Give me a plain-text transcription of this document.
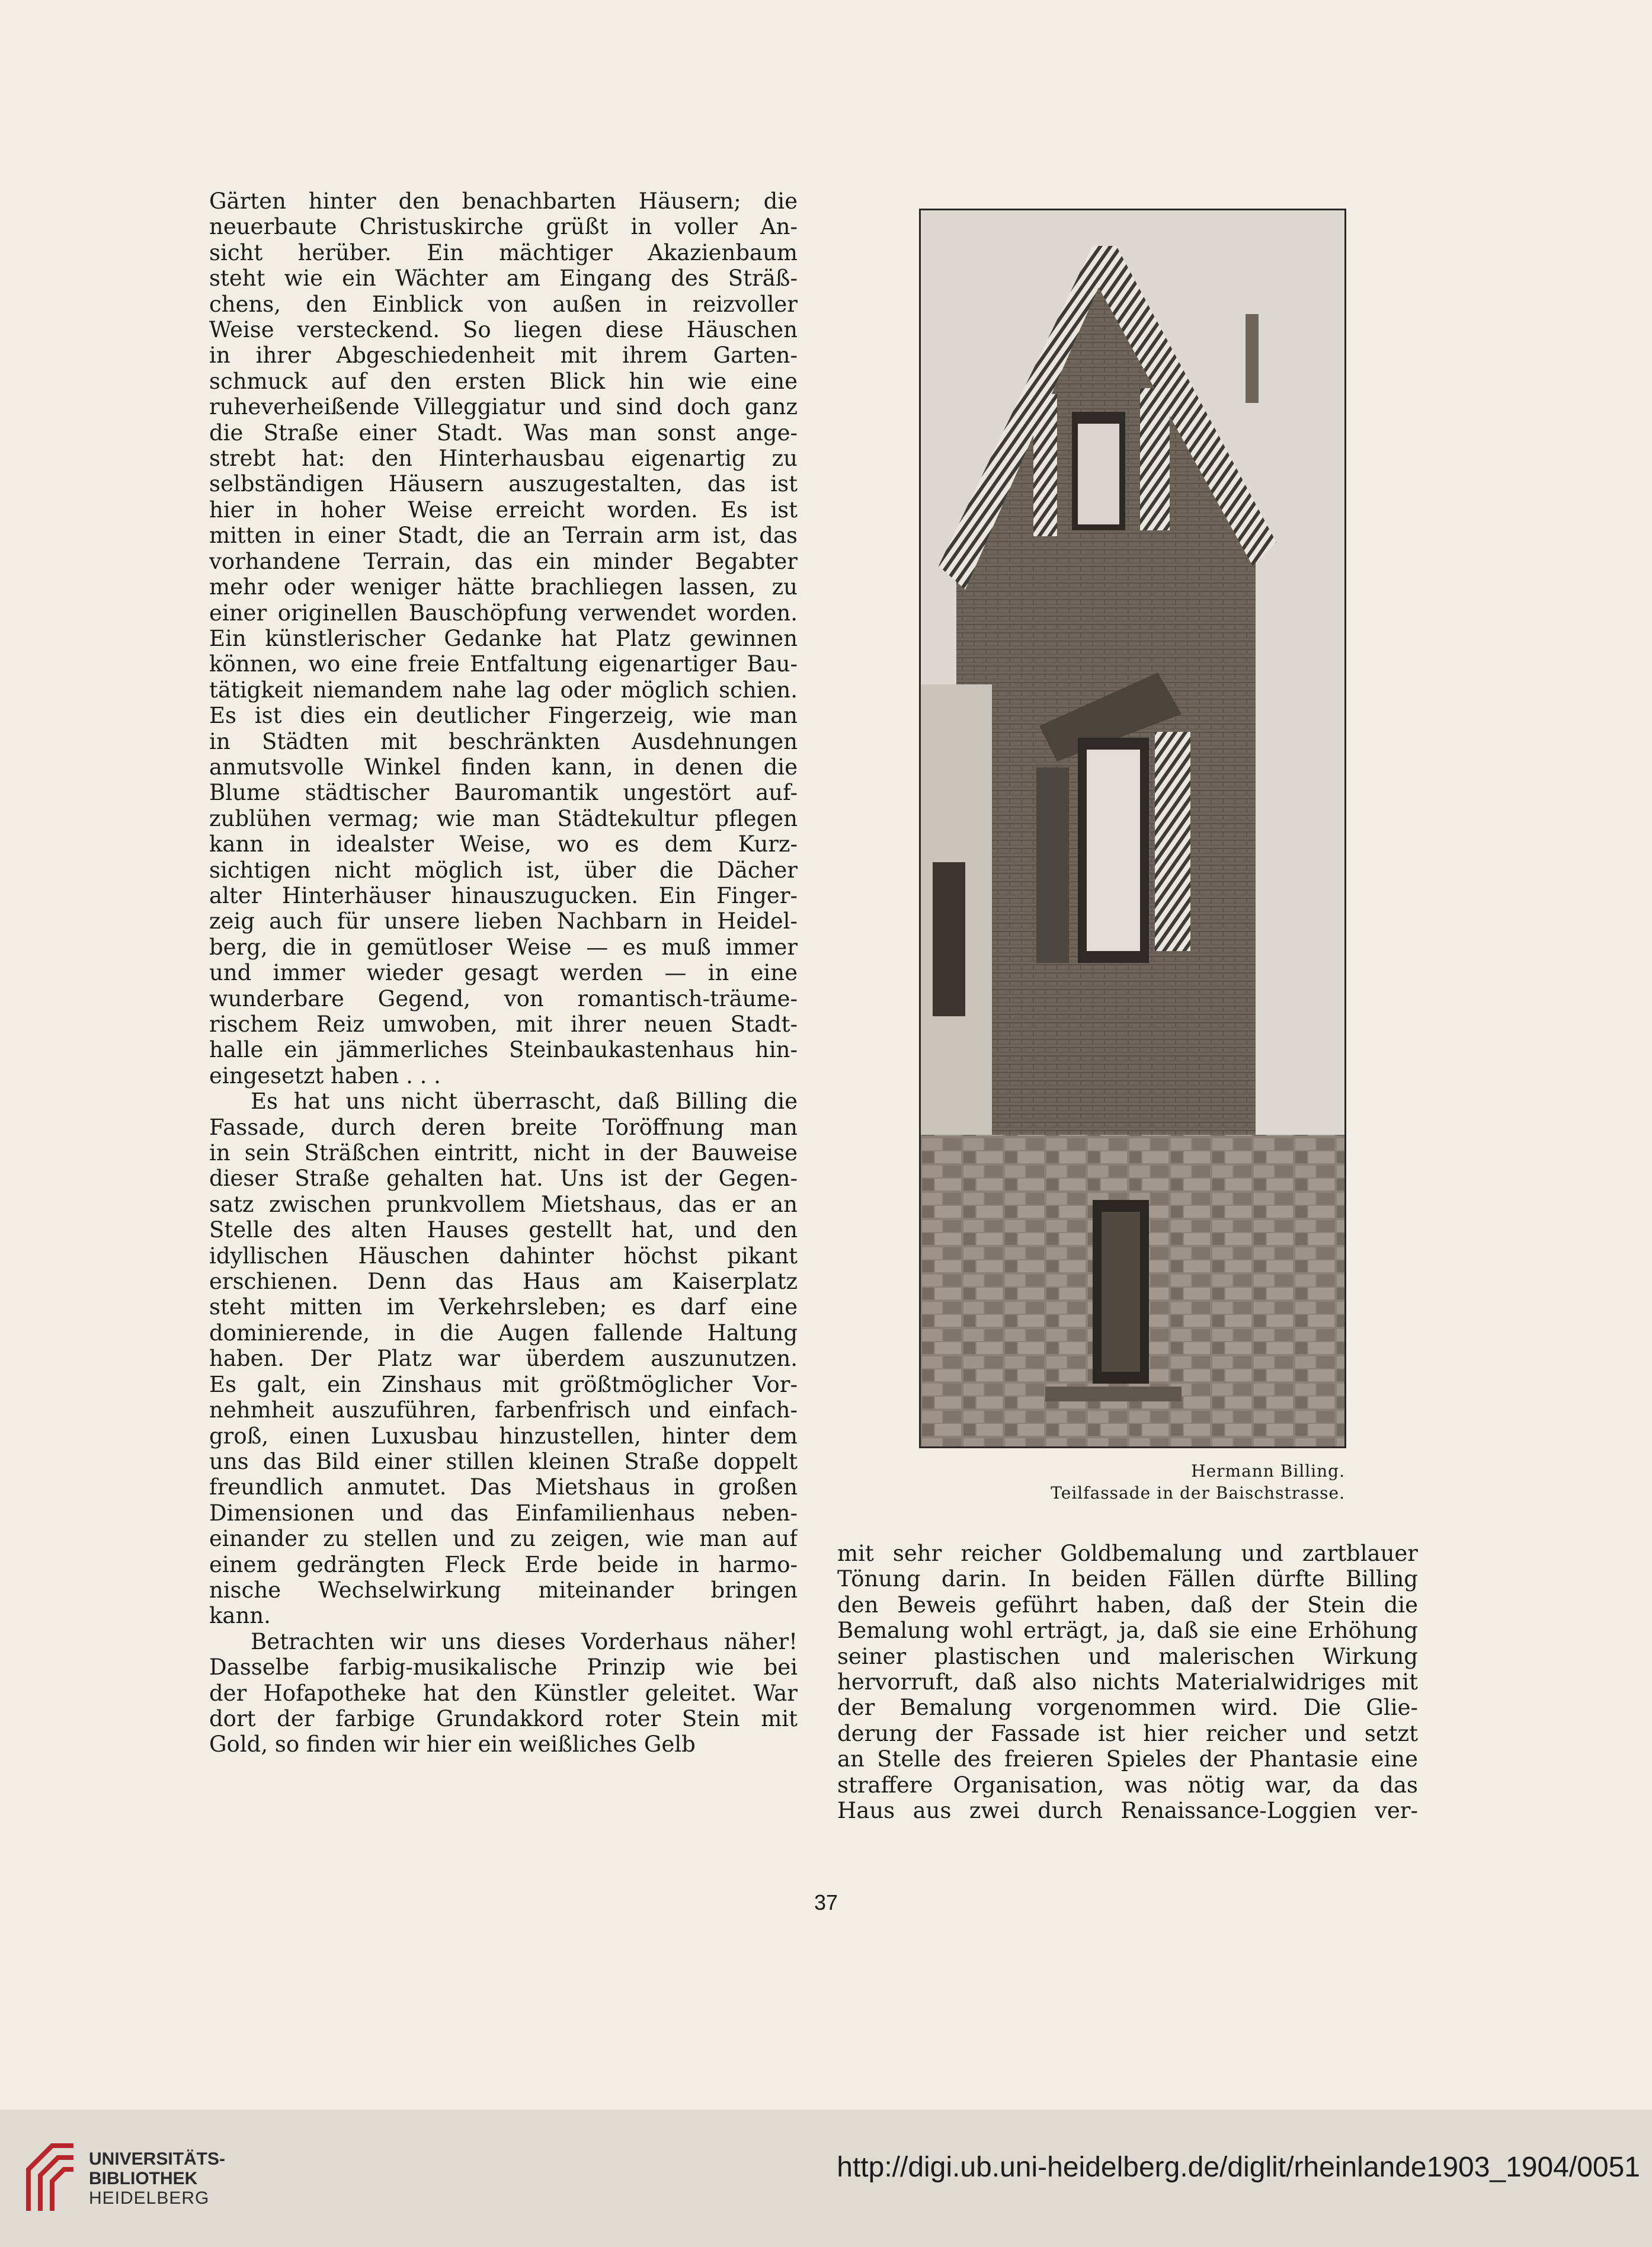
Gärten hinter den benachbarten Häusern; die
neuerbaute Christuskirche grüßt in voller An-
sicht herüber. Ein mächtiger Akazienbaum
steht wie ein Wächter am Eingang des Sträß-
chens, den Einblick von außen in reizvoller
Weise versteckend. So liegen diese Häuschen
in ihrer Abgeschiedenheit mit ihrem Garten-
schmuck auf den ersten Blick hin wie eine
ruheverheißende Villeggiatur und sind doch ganz
die Straße einer Stadt. Was man sonst ange-
strebt hat: den Hinterhausbau eigenartig zu
selbständigen Häusern auszugestalten, das ist
hier in hoher Weise erreicht worden. Es ist
mitten in einer Stadt, die an Terrain arm ist, das
vorhandene Terrain, das ein minder Begabter
mehr oder weniger hätte brachliegen lassen, zu
einer originellen Bauschöpfung verwendet worden.
Ein künstlerischer Gedanke hat Platz gewinnen
können, wo eine freie Entfaltung eigenartiger Bau-
tätigkeit niemandem nahe lag oder möglich schien.
Es ist dies ein deutlicher Fingerzeig, wie man
in Städten mit beschränkten Ausdehnungen
anmutsvolle Winkel finden kann, in denen die
Blume städtischer Bauromantik ungestört auf-
zublühen vermag; wie man Städtekultur pflegen
kann in idealster Weise, wo es dem Kurz-
sichtigen nicht möglich ist, über die Dächer
alter Hinterhäuser hinauszugucken. Ein Finger-
zeig auch für unsere lieben Nachbarn in Heidel-
berg, die in gemütloser Weise — es muß immer
und immer wieder gesagt werden — in eine
wunderbare Gegend, von romantisch-träume-
rischem Reiz umwoben, mit ihrer neuen Stadt-
halle ein jämmerliches Steinbaukastenhaus hin-
eingesetzt haben . . .
Es hat uns nicht überrascht, daß Billing die
Fassade, durch deren breite Toröffnung man
in sein Sträßchen eintritt, nicht in der Bauweise
dieser Straße gehalten hat. Uns ist der Gegen-
satz zwischen prunkvollem Mietshaus, das er an
Stelle des alten Hauses gestellt hat, und den
idyllischen Häuschen dahinter höchst pikant
erschienen. Denn das Haus am Kaiserplatz
steht mitten im Verkehrsleben; es darf eine
dominierende, in die Augen fallende Haltung
haben. Der Platz war überdem auszunutzen.
Es galt, ein Zinshaus mit größtmöglicher Vor-
nehmheit auszuführen, farbenfrisch und einfach-
groß, einen Luxusbau hinzustellen, hinter dem
uns das Bild einer stillen kleinen Straße doppelt
freundlich anmutet. Das Mietshaus in großen
Dimensionen und das Einfamilienhaus neben-
einander zu stellen und zu zeigen, wie man auf
einem gedrängten Fleck Erde beide in harmo-
nische Wechselwirkung miteinander bringen
kann.
Betrachten wir uns dieses Vorderhaus näher!
Dasselbe farbig-musikalische Prinzip wie bei
der Hofapotheke hat den Künstler geleitet. War
dort der farbige Grundakkord roter Stein mit
Gold, so finden wir hier ein weißliches Gelb
Hermann Billing.
Teilfassade in der Baischstrasse.
mit sehr reicher Goldbemalung und zartblauer
Tönung darin. In beiden Fällen dürfte Billing
den Beweis geführt haben, daß der Stein die
Bemalung wohl erträgt, ja, daß sie eine Erhöhung
seiner plastischen und malerischen Wirkung
hervorruft, daß also nichts Materialwidriges mit
der Bemalung vorgenommen wird. Die Glie-
derung der Fassade ist hier reicher und setzt
an Stelle des freieren Spieles der Phantasie eine
straffere Organisation, was nötig war, da das
Haus aus zwei durch Renaissance-Loggien ver-
37
UNIVERSITÄTS-
BIBLIOTHEK
HEIDELBERG
http://digi.ub.uni-heidelberg.de/diglit/rheinlande1903_1904/0051
